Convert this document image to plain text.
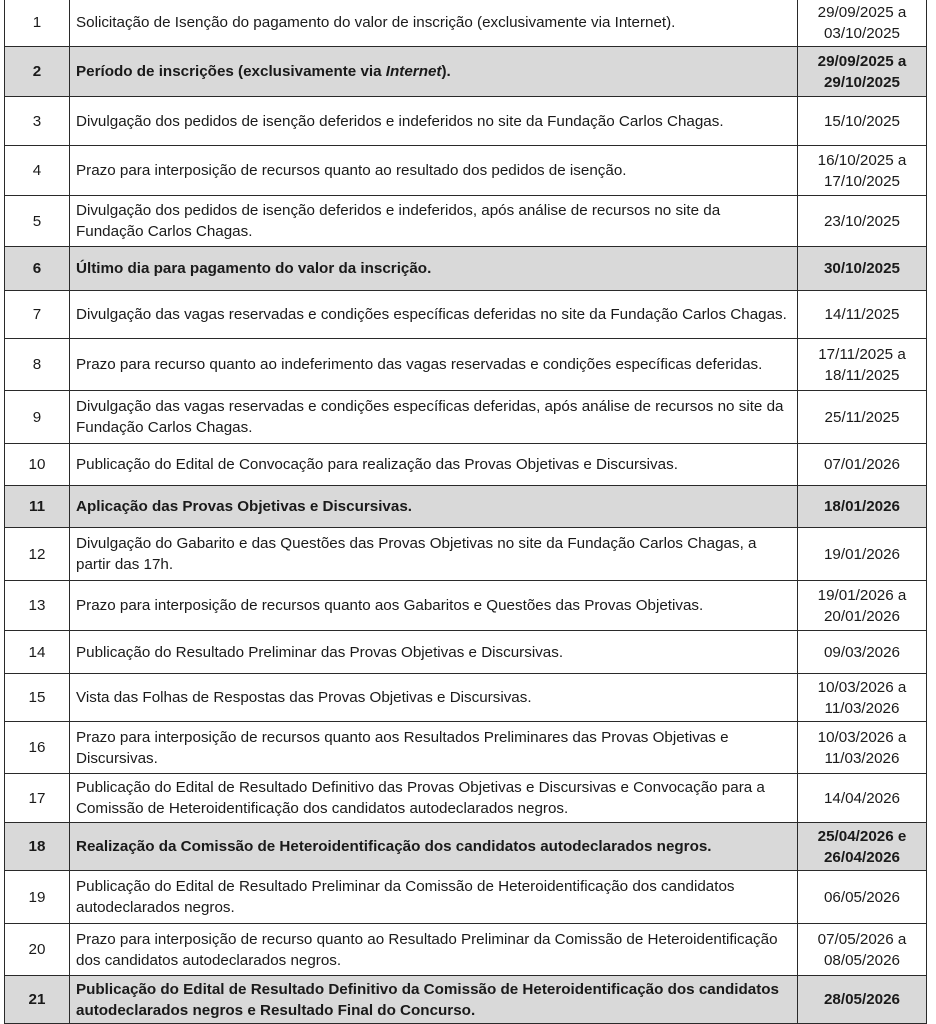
1	Solicitação de Isenção do pagamento do valor de inscrição (exclusivamente via Internet).	29/09/2025 a 03/10/2025
2	Período de inscrições (exclusivamente via Internet).	29/09/2025 a 29/10/2025
3	Divulgação dos pedidos de isenção deferidos e indeferidos no site da Fundação Carlos Chagas.	15/10/2025
4	Prazo para interposição de recursos quanto ao resultado dos pedidos de isenção.	16/10/2025 a 17/10/2025
5	Divulgação dos pedidos de isenção deferidos e indeferidos, após análise de recursos no site da Fundação Carlos Chagas.	23/10/2025
6	Último dia para pagamento do valor da inscrição.	30/10/2025
7	Divulgação das vagas reservadas e condições específicas deferidas no site da Fundação Carlos Chagas.	14/11/2025
8	Prazo para recurso quanto ao indeferimento das vagas reservadas e condições específicas deferidas.	17/11/2025 a 18/11/2025
9	Divulgação das vagas reservadas e condições específicas deferidas, após análise de recursos no site da Fundação Carlos Chagas.	25/11/2025
10	Publicação do Edital de Convocação para realização das Provas Objetivas e Discursivas.	07/01/2026
11	Aplicação das Provas Objetivas e Discursivas.	18/01/2026
12	Divulgação do Gabarito e das Questões das Provas Objetivas no site da Fundação Carlos Chagas, a partir das 17h.	19/01/2026
13	Prazo para interposição de recursos quanto aos Gabaritos e Questões das Provas Objetivas.	19/01/2026 a 20/01/2026
14	Publicação do Resultado Preliminar das Provas Objetivas e Discursivas.	09/03/2026
15	Vista das Folhas de Respostas das Provas Objetivas e Discursivas.	10/03/2026 a 11/03/2026
16	Prazo para interposição de recursos quanto aos Resultados Preliminares das Provas Objetivas e Discursivas.	10/03/2026 a 11/03/2026
17	Publicação do Edital de Resultado Definitivo das Provas Objetivas e Discursivas e Convocação para a Comissão de Heteroidentificação dos candidatos autodeclarados negros.	14/04/2026
18	Realização da Comissão de Heteroidentificação dos candidatos autodeclarados negros.	25/04/2026 e 26/04/2026
19	Publicação do Edital de Resultado Preliminar da Comissão de Heteroidentificação dos candidatos autodeclarados negros.	06/05/2026
20	Prazo para interposição de recurso quanto ao Resultado Preliminar da Comissão de Heteroidentificação dos candidatos autodeclarados negros.	07/05/2026 a 08/05/2026
21	Publicação do Edital de Resultado Definitivo da Comissão de Heteroidentificação dos candidatos autodeclarados negros e Resultado Final do Concurso.	28/05/2026
